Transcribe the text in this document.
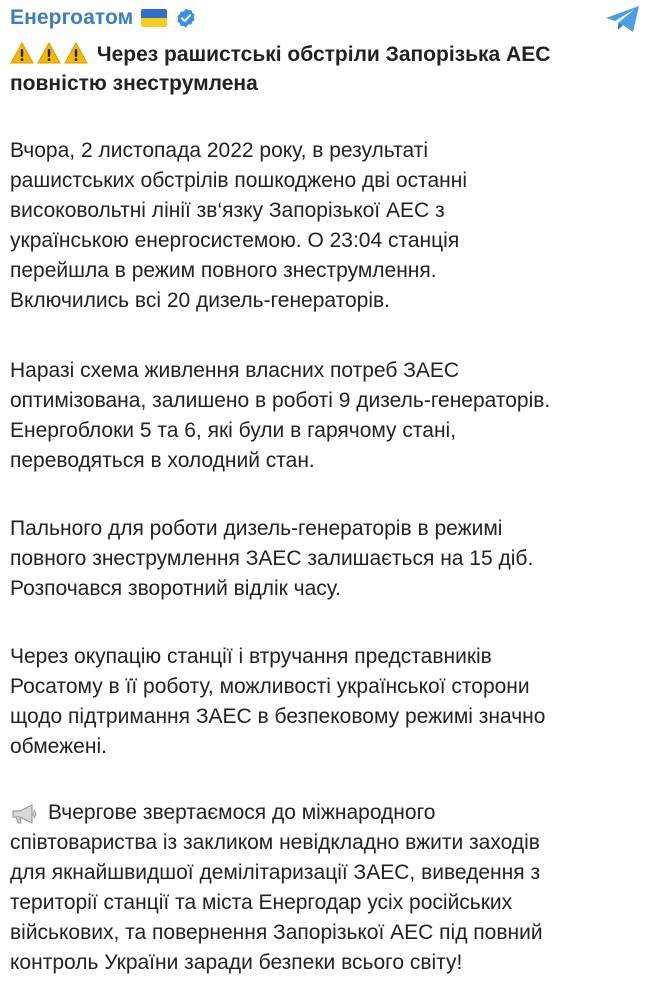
Енергоатом
Через рашистські обстріли Запорізька АЕС повністю знеструмлена

Вчора, 2 листопада 2022 року, в результаті
рашистських обстрілів пошкоджено дві останні
високовольтні лінії зв‘язку Запорізької АЕС з
українською енергосистемою. О 23:04 станція
перейшла в режим повного знеструмлення.
Включились всі 20 дизель-генераторів.

Наразі схема живлення власних потреб ЗАЕС
оптимізована, залишено в роботі 9 дизель-генераторів.
Енергоблоки 5 та 6, які були в гарячому стані,
переводяться в холодний стан.

Пального для роботи дизель-генераторів в режимі
повного знеструмлення ЗАЕС залишається на 15 діб.
Розпочався зворотний відлік часу.

Через окупацію станції і втручання представників
Росатому в її роботу, можливості української сторони
щодо підтримання ЗАЕС в безпековому режимі значно
обмежені.

Вчергове звертаємося до міжнародного
співтовариства із закликом невідкладно вжити заходів
для якнайшвидшої демілітаризації ЗАЕС, виведення з
території станції та міста Енергодар усіх російських
військових, та повернення Запорізької АЕС під повний
контроль України заради безпеки всього світу!
